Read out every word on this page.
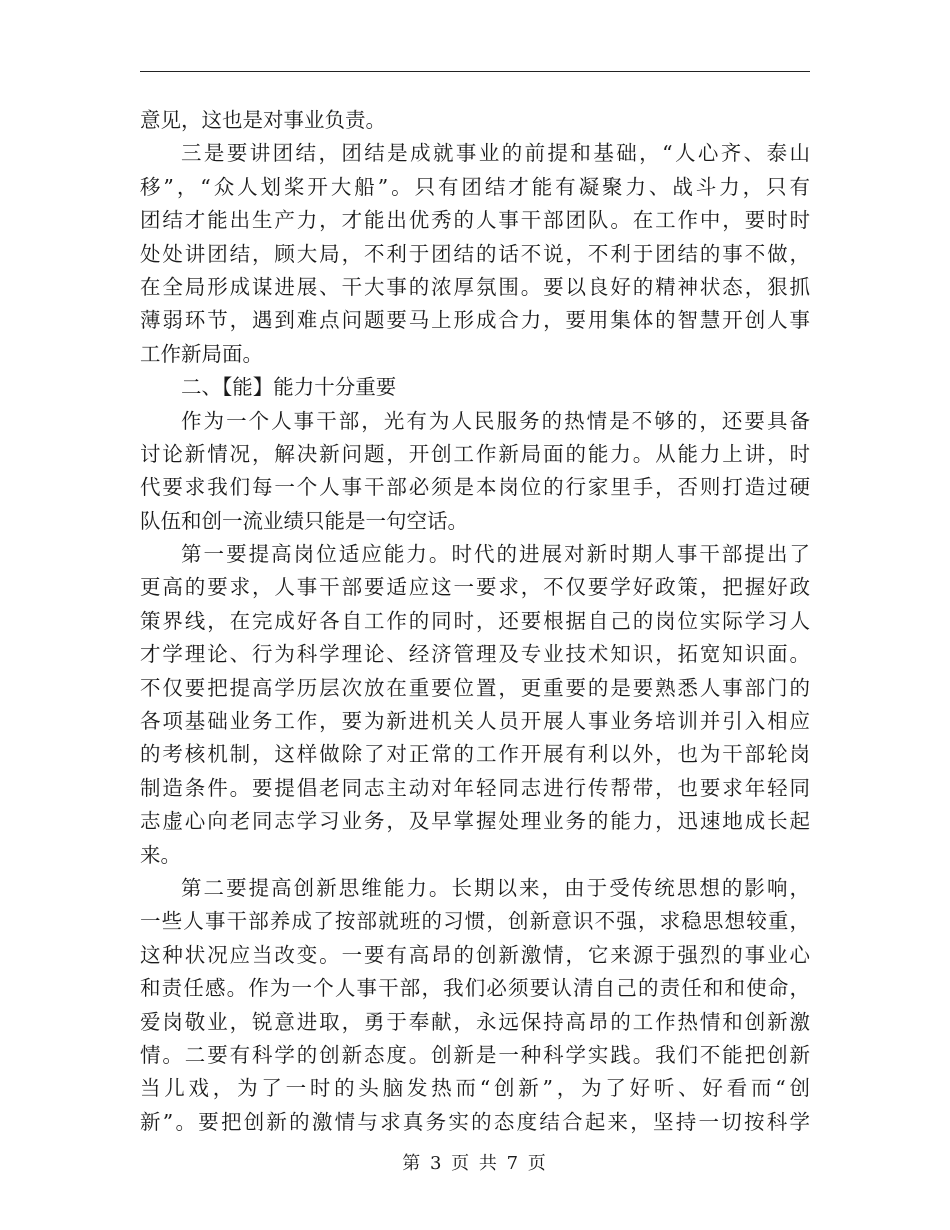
意见，这也是对事业负责。
三是要讲团结，团结是成就事业的前提和基础，“人心齐、泰山
移”，“众人划桨开大船”。只有团结才能有凝聚力、战斗力，只有
团结才能出生产力，才能出优秀的人事干部团队。在工作中，要时时
处处讲团结，顾大局，不利于团结的话不说，不利于团结的事不做，
在全局形成谋进展、干大事的浓厚氛围。要以良好的精神状态，狠抓
薄弱环节，遇到难点问题要马上形成合力，要用集体的智慧开创人事
工作新局面。
二、【能】能力十分重要
作为一个人事干部，光有为人民服务的热情是不够的，还要具备
讨论新情况，解决新问题，开创工作新局面的能力。从能力上讲，时
代要求我们每一个人事干部必须是本岗位的行家里手，否则打造过硬
队伍和创一流业绩只能是一句空话。
第一要提高岗位适应能力。时代的进展对新时期人事干部提出了
更高的要求，人事干部要适应这一要求，不仅要学好政策，把握好政
策界线，在完成好各自工作的同时，还要根据自己的岗位实际学习人
才学理论、行为科学理论、经济管理及专业技术知识，拓宽知识面。
不仅要把提高学历层次放在重要位置，更重要的是要熟悉人事部门的
各项基础业务工作，要为新进机关人员开展人事业务培训并引入相应
的考核机制，这样做除了对正常的工作开展有利以外，也为干部轮岗
制造条件。要提倡老同志主动对年轻同志进行传帮带，也要求年轻同
志虚心向老同志学习业务，及早掌握处理业务的能力，迅速地成长起
来。
第二要提高创新思维能力。长期以来，由于受传统思想的影响，
一些人事干部养成了按部就班的习惯，创新意识不强，求稳思想较重，
这种状况应当改变。一要有高昂的创新激情，它来源于强烈的事业心
和责任感。作为一个人事干部，我们必须要认清自己的责任和和使命，
爱岗敬业，锐意进取，勇于奉献，永远保持高昂的工作热情和创新激
情。二要有科学的创新态度。创新是一种科学实践。我们不能把创新
当儿戏，为了一时的头脑发热而“创新”，为了好听、好看而“创
新”。要把创新的激情与求真务实的态度结合起来，坚持一切按科学
第 3 页 共 7 页
